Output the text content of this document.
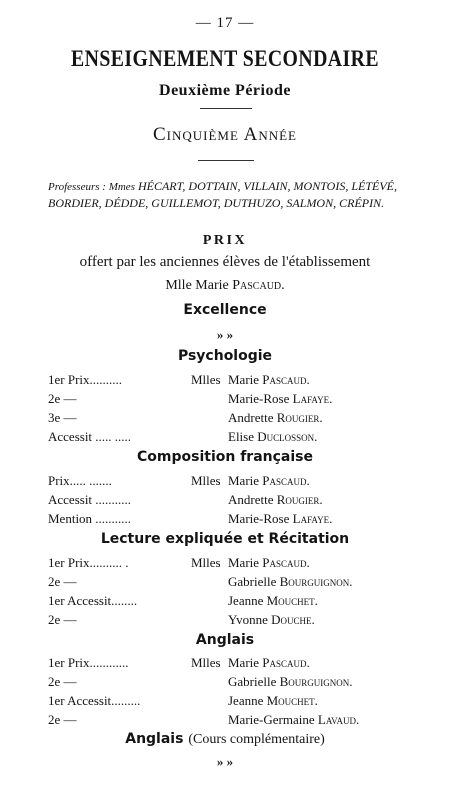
— 17 —
ENSEIGNEMENT SECONDAIRE
Deuxième Période
Cinquième Année
Professeurs : Mmes HÉCART, DOTTAIN, VILLAIN, MONTOIS, LÉTÉVÉ, BORDIER, DÉDDE, GUILLEMOT, DUTHUZO, SALMON, CRÉPIN.
PRIX
offert par les anciennes élèves de l'établissement
Mlle Marie Pascaud.
Excellence
» »
Psychologie
1er Prix..........	Mlles Marie Pascaud.
2e —	Marie-Rose Lafaye.
3e —	Andrette Rougier.
Accessit ..... .....	Elise Duclosson.
Composition française
Prix..... .......	Mlles Marie Pascaud.
Accessit ...........	Andrette Rougier.
Mention ...........	Marie-Rose Lafaye.
Lecture expliquée et Récitation
1er Prix.......... .	Mlles Marie Pascaud.
2e —	Gabrielle Bourguignon.
1er Accessit........	Jeanne Mouchet.
2e —	Yvonne Douche.
Anglais
1er Prix............	Mlles Marie Pascaud.
2e —	Gabrielle Bourguignon.
1er Accessit.........	Jeanne Mouchet.
2e —	Marie-Germaine Lavaud.
Anglais (Cours complémentaire)
» »
